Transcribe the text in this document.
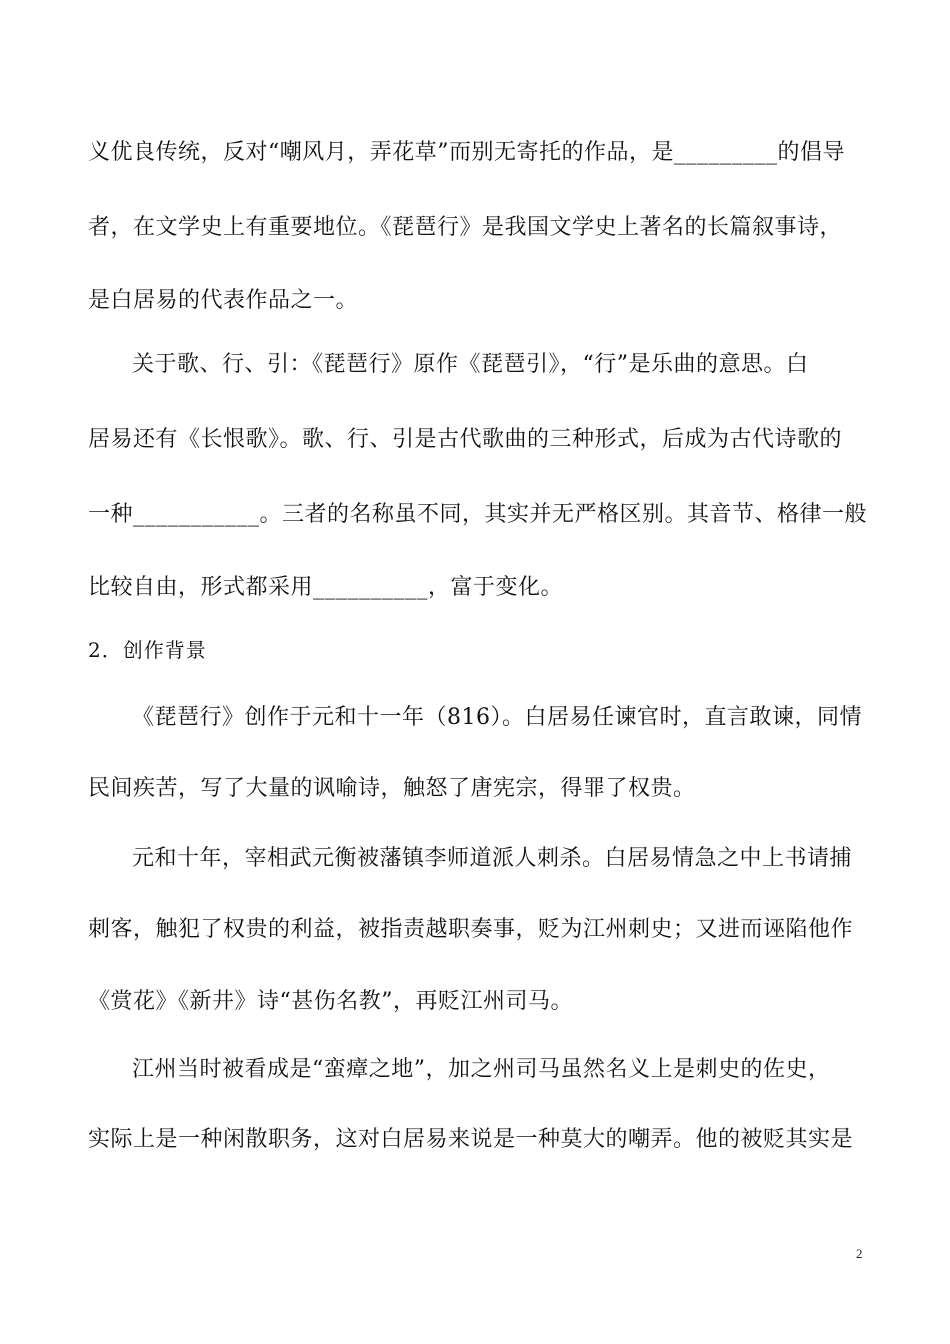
义优良传统，反对“嘲风月，弄花草”而别无寄托的作品，是_________的倡导
者，在文学史上有重要地位。《琵琶行》是我国文学史上著名的长篇叙事诗，
是白居易的代表作品之一。
关于歌、行、引：《琵琶行》原作《琵琶引》，“行”是乐曲的意思。白
居易还有《长恨歌》。歌、行、引是古代歌曲的三种形式，后成为古代诗歌的
一种___________。三者的名称虽不同，其实并无严格区别。其音节、格律一般
比较自由，形式都采用__________，富于变化。
2．创作背景
《琵琶行》创作于元和十一年（816）。白居易任谏官时，直言敢谏，同情
民间疾苦，写了大量的讽喻诗，触怒了唐宪宗，得罪了权贵。
元和十年，宰相武元衡被藩镇李师道派人刺杀。白居易情急之中上书请捕
刺客，触犯了权贵的利益，被指责越职奏事，贬为江州刺史；又进而诬陷他作
《赏花》《新井》诗“甚伤名教”，再贬江州司马。
江州当时被看成是“蛮瘴之地”，加之州司马虽然名义上是刺史的佐史，
实际上是一种闲散职务，这对白居易来说是一种莫大的嘲弄。他的被贬其实是
2
